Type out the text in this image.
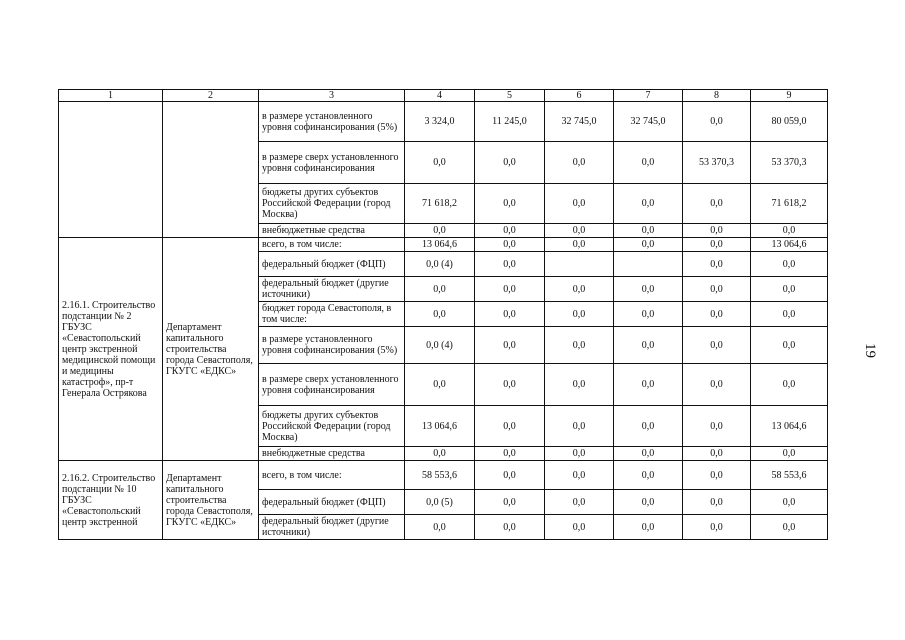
19
1	2	3	4	5	6	7	8	9
		в размере установленного уровня софинансирования (5%)	3 324,0	11 245,0	32 745,0	32 745,0	0,0	80 059,0
		в размере сверх установленного уровня софинансирования	0,0	0,0	0,0	0,0	53 370,3	53 370,3
		бюджеты других субъектов Российской Федерации (город Москва)	71 618,2	0,0	0,0	0,0	0,0	71 618,2
		внебюджетные средства	0,0	0,0	0,0	0,0	0,0	0,0
2.16.1. Строительство подстанции № 2 ГБУЗС «Севастопольский центр экстренной медицинской помощи и медицины катастроф», пр-т Генерала Острякова	Департамент капитального строительства города Севастополя, ГКУГС «ЕДКС»	всего, в том числе:	13 064,6	0,0	0,0	0,0	0,0	13 064,6
		федеральный бюджет (ФЦП)	0,0 (4)	0,0			0,0	0,0
		федеральный бюджет (другие источники)	0,0	0,0	0,0	0,0	0,0	0,0
		бюджет города Севастополя, в том числе:	0,0	0,0	0,0	0,0	0,0	0,0
		в размере установленного уровня софинансирования (5%)	0,0 (4)	0,0	0,0	0,0	0,0	0,0
		в размере сверх установленного уровня софинансирования	0,0	0,0	0,0	0,0	0,0	0,0
		бюджеты других субъектов Российской Федерации (город Москва)	13 064,6	0,0	0,0	0,0	0,0	13 064,6
		внебюджетные средства	0,0	0,0	0,0	0,0	0,0	0,0
2.16.2. Строительство подстанции № 10 ГБУЗС «Севастопольский центр экстренной	Департамент капитального строительства города Севастополя, ГКУГС «ЕДКС»	всего, в том числе:	58 553,6	0,0	0,0	0,0	0,0	58 553,6
		федеральный бюджет (ФЦП)	0,0 (5)	0,0	0,0	0,0	0,0	0,0
		федеральный бюджет (другие источники)	0,0	0,0	0,0	0,0	0,0	0,0
